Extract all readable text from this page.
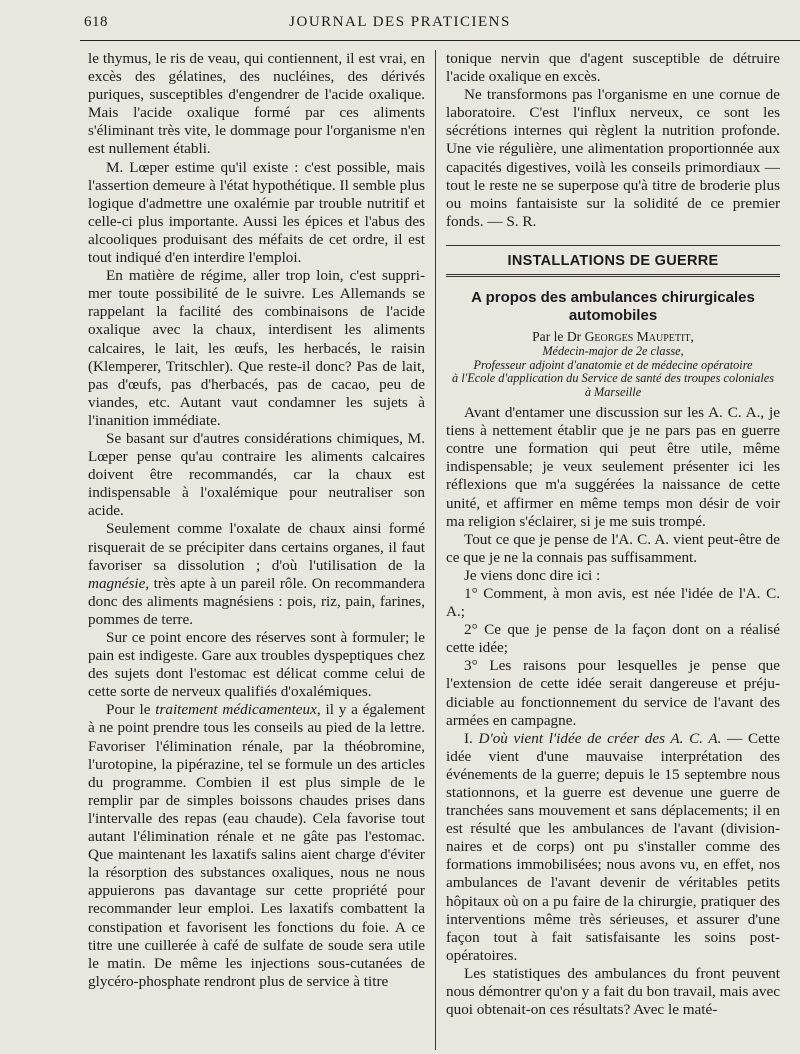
618	JOURNAL DES PRATICIENS

le thymus, le ris de veau, qui contiennent, il est vrai, en excès des gélatines, des nucléines, des dérivés puriques, susceptibles d'engendrer de l'acide oxalique. Mais l'acide oxalique formé par ces aliments s'éliminant très vite, le dommage pour l'organisme n'en est nullement établi.

M. Lœper estime qu'il existe : c'est possible, mais l'assertion demeure à l'état hypothétique. Il semble plus logique d'admettre une oxalémie par trouble nutritif et celle-ci plus importante. Aussi les épices et l'abus des alcooliques produisant des méfaits de cet ordre, il est tout indiqué d'en interdire l'emploi.

En matière de régime, aller trop loin, c'est supprimer toute possibilité de le suivre. Les Allemands se rappelant la facilité des combinaisons de l'acide oxalique avec la chaux, interdisent les aliments calcaires, le lait, les œufs, les herbacés, le raisin (Klemperer, Tritschler). Que reste-il donc? Pas de lait, pas d'œufs, pas d'herbacés, pas de cacao, peu de viandes, etc. Autant vaut condamner les sujets à l'inanition immédiate.

Se basant sur d'autres considérations chimiques, M. Lœper pense qu'au contraire les aliments calcaires doivent être recommandés, car la chaux est indispensable à l'oxalémique pour neutraliser son acide.

Seulement comme l'oxalate de chaux ainsi formé risquerait de se précipiter dans certains organes, il faut favoriser sa dissolution ; d'où l'utilisation de la magnésie, très apte à un pareil rôle. On recommandera donc des aliments magnésiens : pois, riz, pain, farines, pommes de terre.

Sur ce point encore des réserves sont à formuler; le pain est indigeste. Gare aux troubles dyspeptiques chez des sujets dont l'estomac est délicat comme celui de cette sorte de nerveux qualifiés d'oxalémiques.

Pour le traitement médicamenteux, il y a également à ne point prendre tous les conseils au pied de la lettre. Favoriser l'élimination rénale, par la théobromine, l'urotopine, la pipérazine, tel se formule un des articles du programme. Combien il est plus simple de le remplir par de simples boissons chaudes prises dans l'intervalle des repas (eau chaude). Cela favorise tout autant l'élimination rénale et ne gâte pas l'estomac. Que maintenant les laxatifs salins aient charge d'éviter la résorption des substances oxaliques, nous ne nous appuierons pas davantage sur cette propriété pour recommander leur emploi. Les laxatifs combattent la constipation et favorisent les fonctions du foie. A ce titre une cuillerée à café de sulfate de soude sera utile le matin. De même les injections sous-cutanées de glycéro-phosphate rendront plus de service à titre

tonique nervin que d'agent susceptible de détruire l'acide oxalique en excès.

Ne transformons pas l'organisme en une cornue de laboratoire. C'est l'influx nerveux, ce sont les sécrétions internes qui règlent la nutrition profonde. Une vie régulière, une alimentation proportionnée aux capacités digestives, voilà les conseils primordiaux — tout le reste ne se superpose qu'à titre de broderie plus ou moins fantaisiste sur la solidité de ce premier fonds. — S. R.

INSTALLATIONS DE GUERRE
A propos des ambulances chirurgicales automobiles
Par le Dr Georges Maupetit,
Médecin-major de 2e classe,
Professeur adjoint d'anatomie et de médecine opératoire
à l'Ecole d'application du Service de santé des troupes coloniales
à Marseille

Avant d'entamer une discussion sur les A. C. A., je tiens à nettement établir que je ne pars pas en guerre contre une formation qui peut être utile, même indispensable; je veux seulement présenter ici les réflexions que m'a suggérées la naissance de cette unité, et affirmer en même temps mon désir de voir ma religion s'éclairer, si je me suis trompé.

Tout ce que je pense de l'A. C. A. vient peut-être de ce que je ne la connais pas suffisamment.

Je viens donc dire ici :

1° Comment, à mon avis, est née l'idée de l'A. C. A.;

2° Ce que je pense de la façon dont on a réalisé cette idée;

3° Les raisons pour lesquelles je pense que l'extension de cette idée serait dangereuse et préjudiciable au fonctionnement du service de l'avant des armées en campagne.

I. D'où vient l'idée de créer des A. C. A. — Cette idée vient d'une mauvaise interprétation des événements de la guerre; depuis le 15 septembre nous stationnons, et la guerre est devenue une guerre de tranchées sans mouvement et sans déplacements; il en est résulté que les ambulances de l'avant (divisionnaires et de corps) ont pu s'installer comme des formations immobilisées; nous avons vu, en effet, nos ambulances de l'avant devenir de véritables petits hôpitaux où on a pu faire de la chirurgie, pratiquer des interventions même très sérieuses, et assurer d'une façon tout à fait satisfaisante les soins post-opératoires.

Les statistiques des ambulances du front peuvent nous démontrer qu'on y a fait du bon travail, mais avec quoi obtenait-on ces résultats? Avec le maté-
